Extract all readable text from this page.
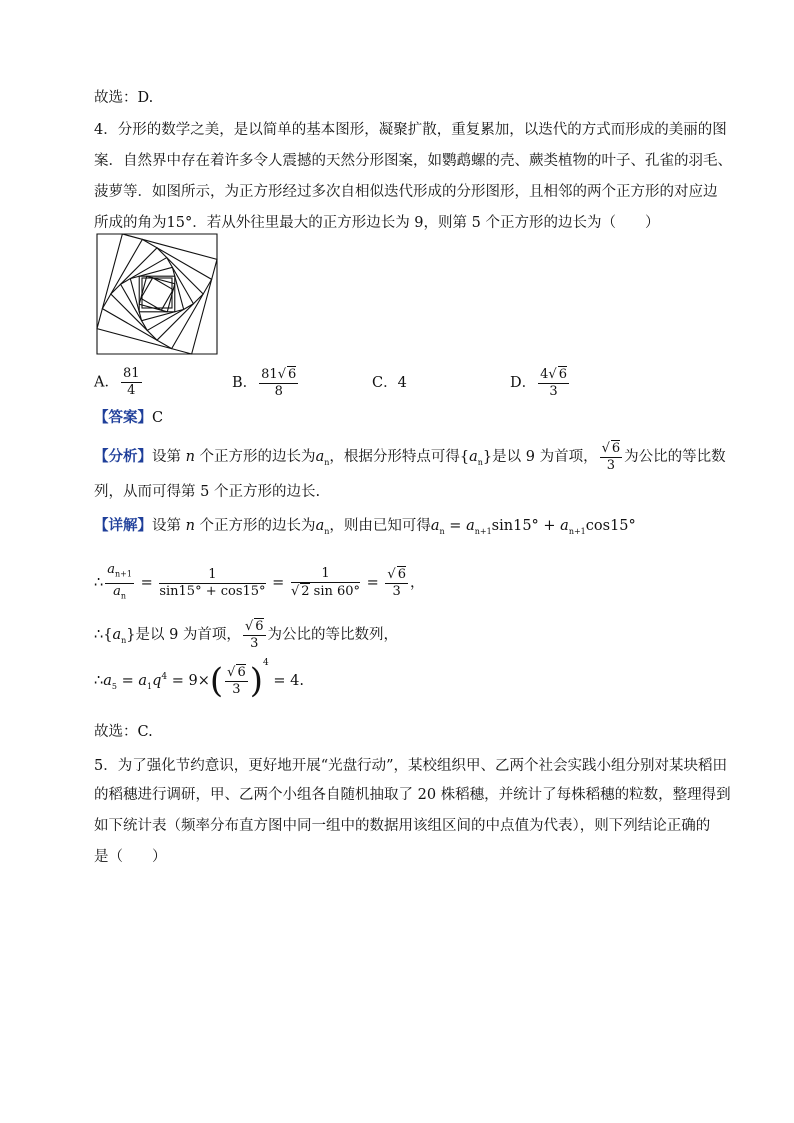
故选：D.
4．分形的数学之美，是以简单的基本图形，凝聚扩散，重复累加，以迭代的方式而形成的美丽的图
案．自然界中存在着许多令人震撼的天然分形图案，如鹦鹉螺的壳、蕨类植物的叶子、孔雀的羽毛、
菠萝等．如图所示，为正方形经过多次自相似迭代形成的分形图形，且相邻的两个正方形的对应边
所成的角为15°．若从外往里最大的正方形边长为 9，则第 5 个正方形的边长为（　　）
A． $\frac{81}{4}$	B． $\frac{81√ 6}{8}$	C．4	D． $\frac{4√ 6}{3}$
【答案】C
【分析】设第 n 个正方形的边长为$a_n$，根据分形特点可得$\{a_n\}$是以 9 为首项， $\frac{√ 6}{3}$ 为公比的等比数
列，从而可得第 5 个正方形的边长.
【详解】设第 n 个正方形的边长为$a_n$，则由已知可得$a_n = a_{n+1}\sin 15^\circ + a_{n+1}\cos 15^\circ$
∴ $\frac{a_{n+1}}{a_n} = \frac{1}{\sin 15^\circ + \cos 15^\circ} = \frac{1}{√ 2 \sin 60^\circ} = \frac{√ 6}{3}$ ，
$\therefore\{a_n\}$是以 9 为首项， $\frac{√ 6}{3}$ 为公比的等比数列，
$\therefore a_5 = a_1q^4 = 9\times( \frac{√ 6}{3} )^4 = 4$.
故选：C.
5．为了强化节约意识，更好地开展“光盘行动”，某校组织甲、乙两个社会实践小组分别对某块稻田
的稻穗进行调研，甲、乙两个小组各自随机抽取了 20 株稻穗，并统计了每株稻穗的粒数，整理得到
如下统计表（频率分布直方图中同一组中的数据用该组区间的中点值为代表），则下列结论正确的
是（　　）
